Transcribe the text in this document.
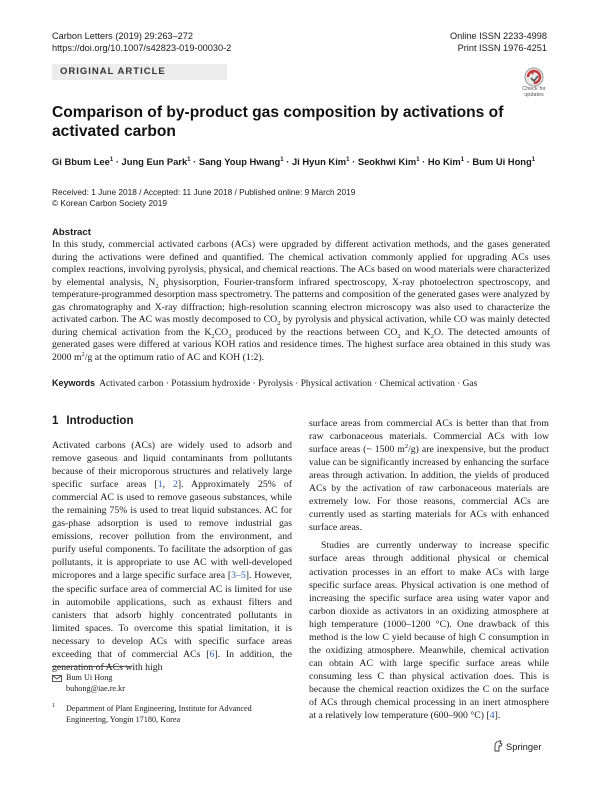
Carbon Letters (2019) 29:263–272
https://doi.org/10.1007/s42823-019-00030-2
Online ISSN 2233-4998
Print ISSN 1976-4251
ORIGINAL ARTICLE
Check for
updates
Comparison of by-product gas composition by activations of activated carbon
Gi Bbum Lee$^1$ · Jung Eun Park$^1$ · Sang Youp Hwang$^1$ · Ji Hyun Kim$^1$ · Seokhwi Kim$^1$ · Ho Kim$^1$ · Bum Ui Hong$^1$
Received: 1 June 2018 / Accepted: 11 June 2018 / Published online: 9 March 2019
© Korean Carbon Society 2019
Abstract
In this study, commercial activated carbons (ACs) were upgraded by different activation methods, and the gases generated during the activations were defined and quantified. The chemical activation commonly applied for upgrading ACs uses complex reactions, involving pyrolysis, physical, and chemical reactions. The ACs based on wood materials were characterized by elemental analysis, $N_2$ physisorption, Fourier-transform infrared spectroscopy, X-ray photoelectron spectroscopy, and temperature-programmed desorption mass spectrometry. The patterns and composition of the generated gases were analyzed by gas chromatography and X-ray diffraction; high-resolution scanning electron microscopy was also used to characterize the activated carbon. The AC was mostly decomposed to $CO_2$ by pyrolysis and physical activation, while CO was mainly detected during chemical activation from the $K_2CO_3$ produced by the reactions between $CO_2$ and $K_2O$. The detected amounts of generated gases were differed at various KOH ratios and residence times. The highest surface area obtained in this study was 2000 $m^2/g$ at the optimum ratio of AC and KOH (1:2).
Keywords Activated carbon · Potassium hydroxide · Pyrolysis · Physical activation · Chemical activation · Gas
1 Introduction

Activated carbons (ACs) are widely used to adsorb and remove gaseous and liquid contaminants from pollutants because of their microporous structures and relatively large specific surface areas [1, 2]. Approximately 25% of commercial AC is used to remove gaseous substances, while the remaining 75% is used to treat liquid substances. AC for gas-phase adsorption is used to remove industrial gas emissions, recover pollution from the environment, and purify useful components. To facilitate the adsorption of gas pollutants, it is appropriate to use AC with well-developed micropores and a large specific surface area [3–5]. However, the specific surface area of commercial AC is limited for use in automobile applications, such as exhaust filters and canisters that adsorb highly concentrated pollutants in limited spaces. To overcome this spatial limitation, it is necessary to develop ACs with specific surface areas exceeding that of commercial ACs [6]. In addition, the generation of ACs with high

surface areas from commercial ACs is better than that from raw carbonaceous materials. Commercial ACs with low surface areas (~ 1500 $m^2/g$) are inexpensive, but the product value can be significantly increased by enhancing the surface areas through activation. In addition, the yields of produced ACs by the activation of raw carbonaceous materials are extremely low. For those reasons, commercial ACs are currently used as starting materials for ACs with enhanced surface areas.

Studies are currently underway to increase specific surface areas through additional physical or chemical activation processes in an effort to make ACs with large specific surface areas. Physical activation is one method of increasing the specific surface area using water vapor and carbon dioxide as activators in an oxidizing atmosphere at high temperature (1000–1200 °C). One drawback of this method is the low C yield because of high C consumption in the oxidizing atmosphere. Meanwhile, chemical activation can obtain AC with large specific surface areas while consuming less C than physical activation does. This is because the chemical reaction oxidizes the C on the surface of ACs through chemical processing in an inert atmosphere at a relatively low temperature (600–900 °C) [4].

Bum Ui Hong
buhong@iae.re.kr
1 Department of Plant Engineering, Institute for Advanced Engineering, Yongin 17180, Korea
Springer
